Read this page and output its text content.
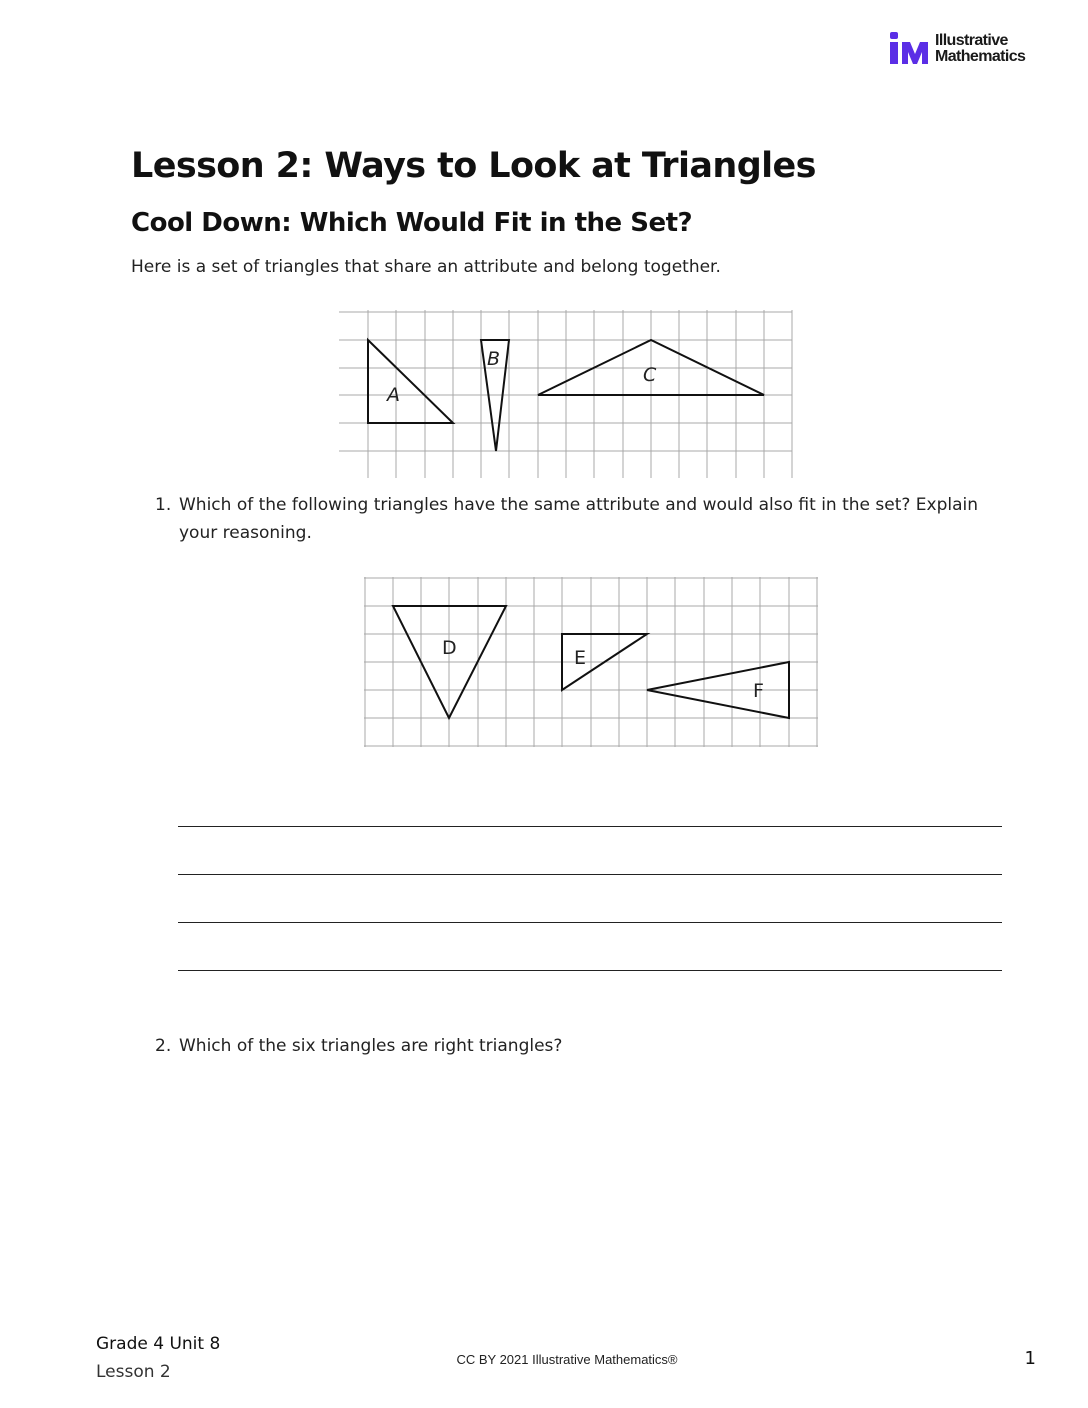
Illustrative
Mathematics
Lesson 2: Ways to Look at Triangles
Cool Down: Which Would Fit in the Set?

Here is a set of triangles that share an attribute and belong together.

A
B
C
1. Which of the following triangles have the same attribute and would also fit in the set? Explain your reasoning.
D	E
F
2. Which of the six triangles are right triangles?
Grade 4 Unit 8
Lesson 2
CC BY 2021 Illustrative Mathematics®	1
